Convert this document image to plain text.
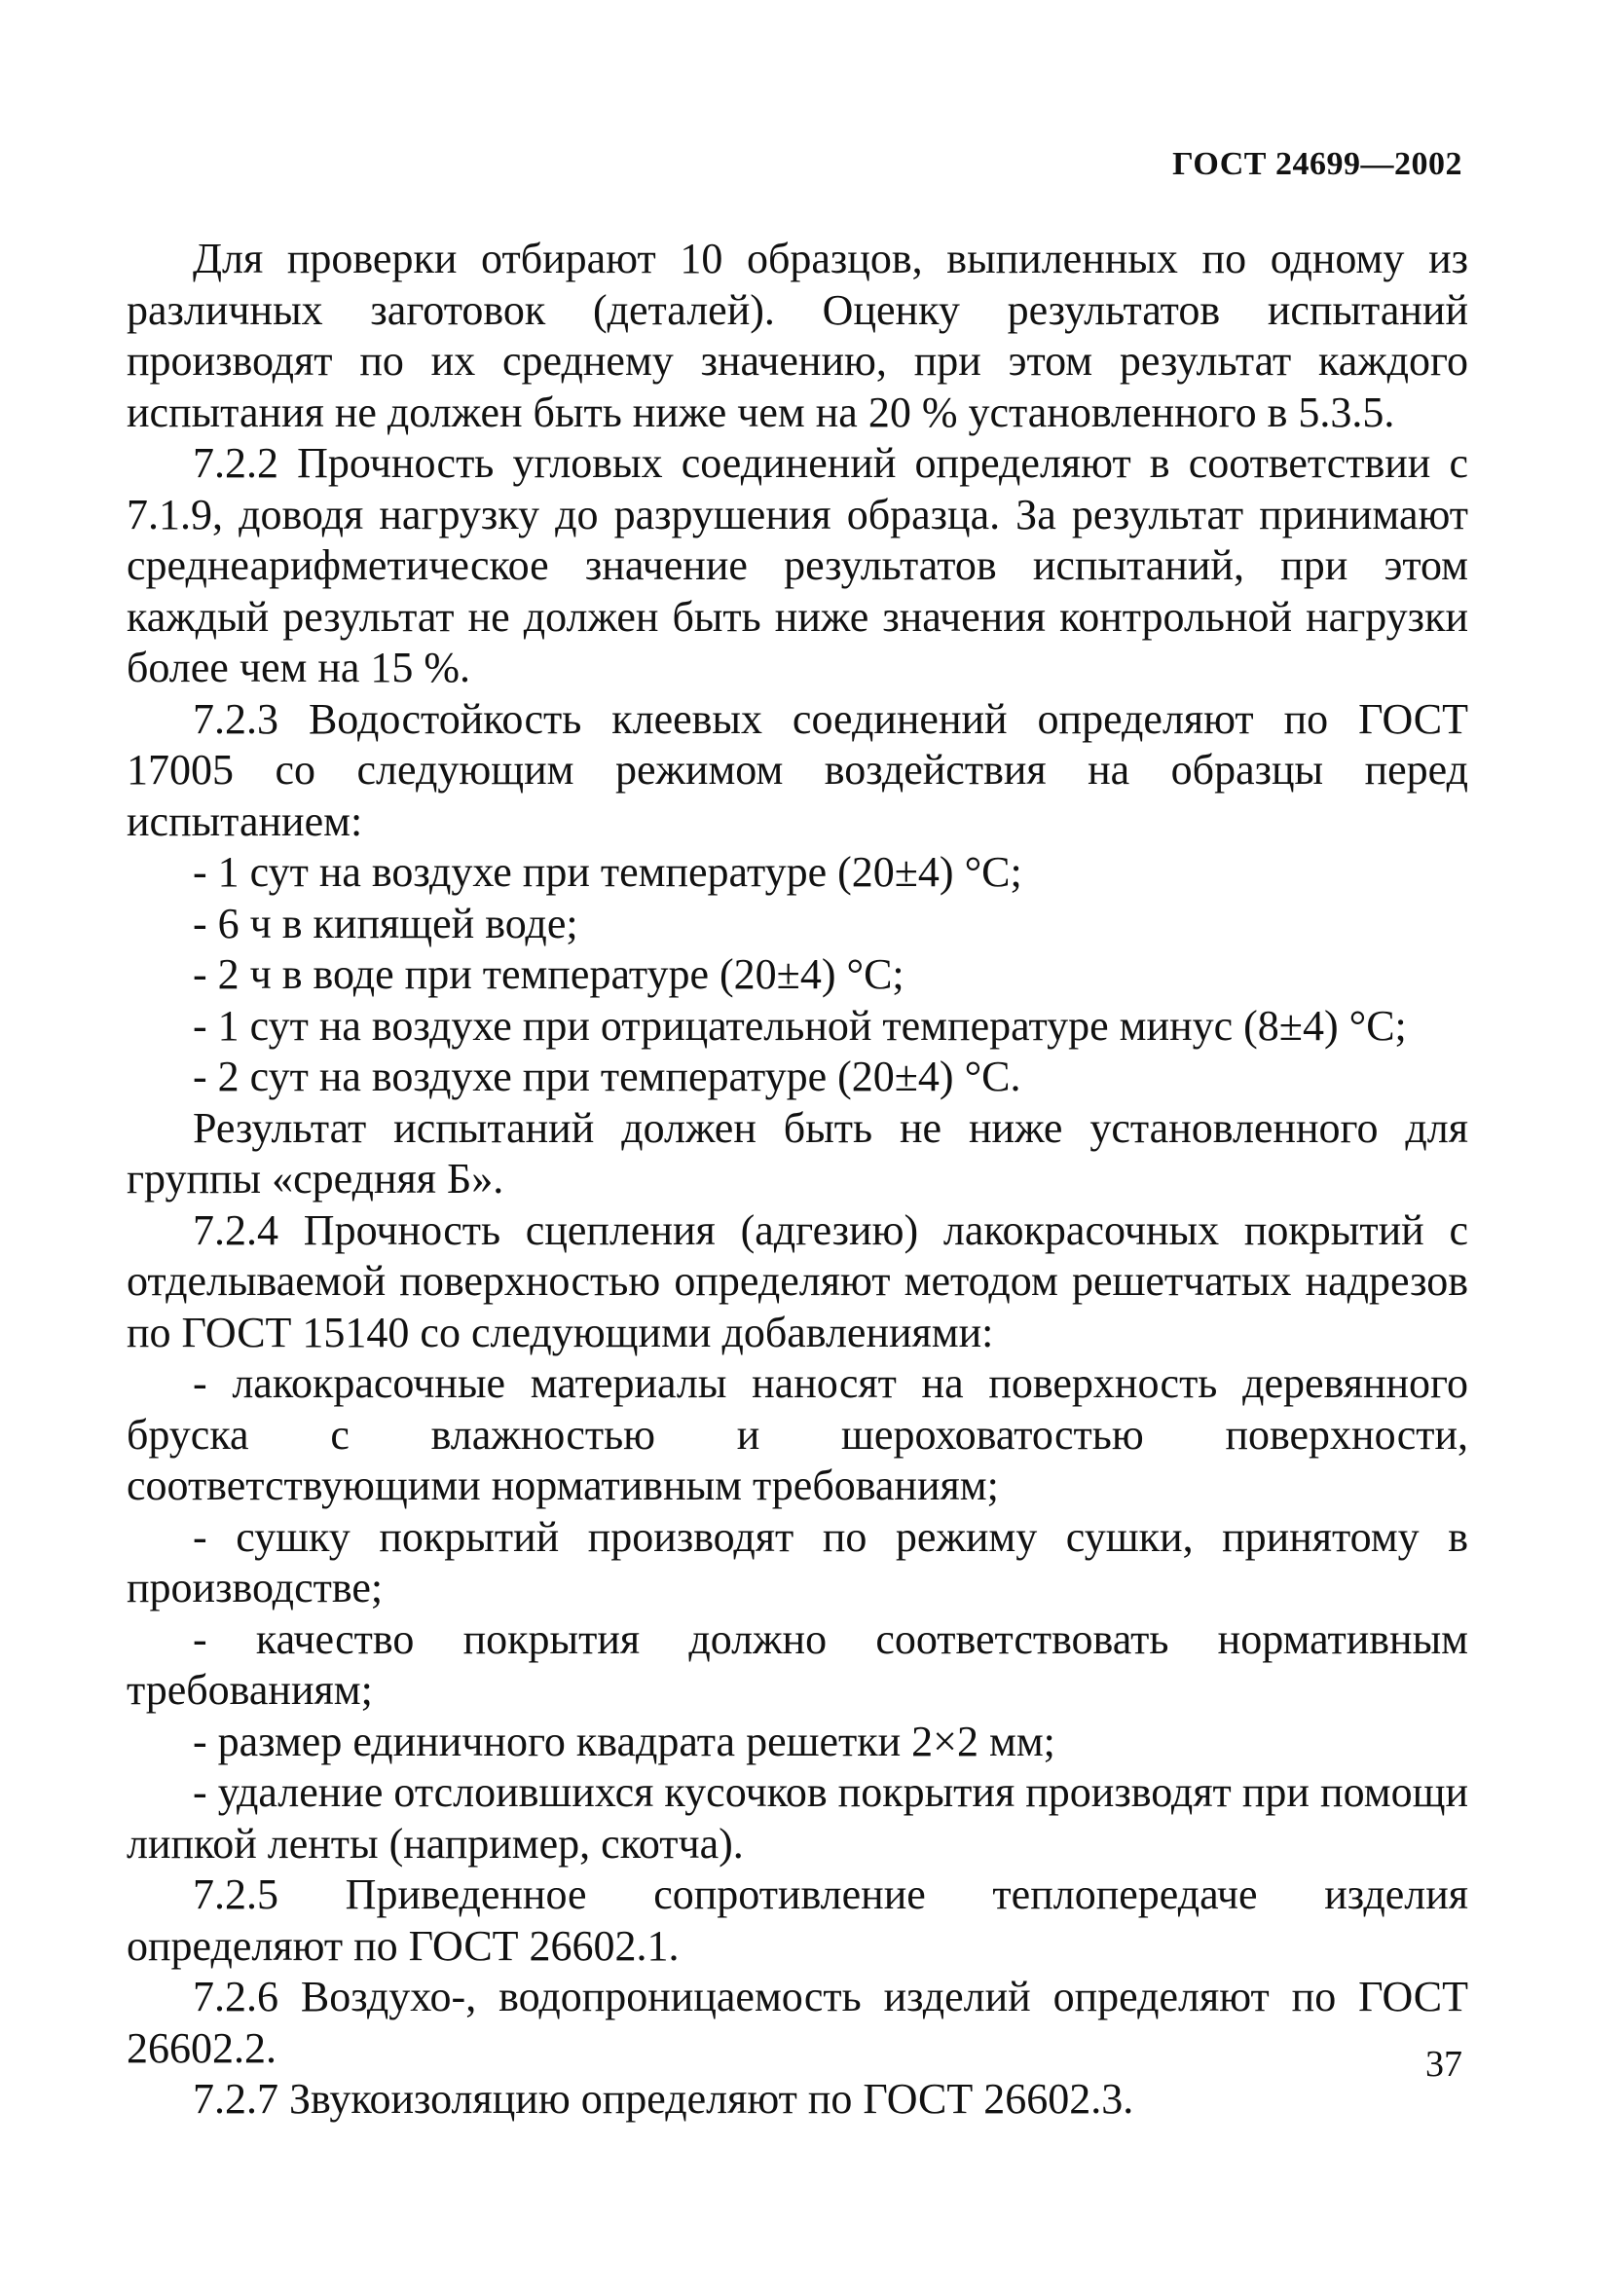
ГОСТ 24699—2002

Для проверки отбирают 10 образцов, выпиленных по одному из различных заготовок (деталей). Оценку результатов испытаний производят по их среднему значению, при этом результат каждого испытания не должен быть ниже чем на 20 % установленного в 5.3.5.

7.2.2 Прочность угловых соединений определяют в соответствии с 7.1.9, доводя нагрузку до разрушения образца. За результат принимают среднеарифметическое значение результатов испытаний, при этом каждый результат не должен быть ниже значения контрольной нагрузки более чем на 15 %.

7.2.3 Водостойкость клеевых соединений определяют по ГОСТ 17005 со следующим режимом воздействия на образцы перед испытанием:

- 1 сут на воздухе при температуре (20±4) °С;

- 6 ч в кипящей воде;

- 2 ч в воде при температуре (20±4) °С;

- 1 сут на воздухе при отрицательной температуре минус (8±4) °С;

- 2 сут на воздухе при температуре (20±4) °С.

Результат испытаний должен быть не ниже установленного для группы «средняя Б».

7.2.4 Прочность сцепления (адгезию) лакокрасочных покрытий с отделываемой поверхностью определяют методом решетчатых надрезов по ГОСТ 15140 со следующими добавлениями:

- лакокрасочные материалы наносят на поверхность деревянного бруска с влажностью и шероховатостью поверхности, соответствующими нормативным требованиям;

- сушку покрытий производят по режиму сушки, принятому в производстве;

- качество покрытия должно соответствовать нормативным требованиям;

- размер единичного квадрата решетки 2×2 мм;

- удаление отслоившихся кусочков покрытия производят при помощи липкой ленты (например, скотча).

7.2.5 Приведенное сопротивление теплопередаче изделия определяют по ГОСТ 26602.1.

7.2.6 Воздухо-, водопроницаемость изделий определяют по ГОСТ 26602.2.

7.2.7 Звукоизоляцию определяют по ГОСТ 26602.3.

37
